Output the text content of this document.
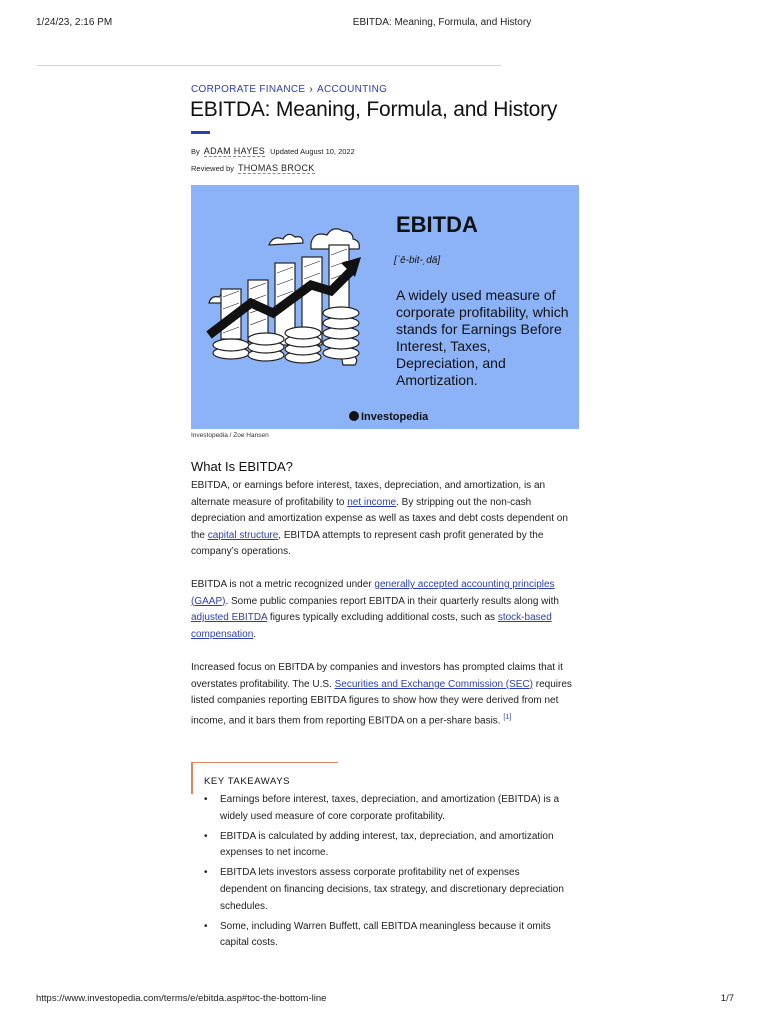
1/24/23, 2:16 PM	EBITDA: Meaning, Formula, and History
CORPORATE FINANCE › ACCOUNTING
EBITDA: Meaning, Formula, and History
By ADAM HAYES Updated August 10, 2022
Reviewed by THOMAS BROCK
EBITDA
[ˈē-bit-ˌdä]
A widely used measure of corporate profitability, which stands for Earnings Before Interest, Taxes, Depreciation, and Amortization.
Investopedia
Investopedia / Zoe Hansen
What Is EBITDA?

EBITDA, or earnings before interest, taxes, depreciation, and amortization, is an alternate measure of profitability to net income. By stripping out the non-cash depreciation and amortization expense as well as taxes and debt costs dependent on the capital structure, EBITDA attempts to represent cash profit generated by the company’s operations.

EBITDA is not a metric recognized under generally accepted accounting principles (GAAP). Some public companies report EBITDA in their quarterly results along with adjusted EBITDA figures typically excluding additional costs, such as stock-based compensation.

Increased focus on EBITDA by companies and investors has prompted claims that it overstates profitability. The U.S. Securities and Exchange Commission (SEC) requires listed companies reporting EBITDA figures to show how they were derived from net income, and it bars them from reporting EBITDA on a per-share basis. [1]

KEY TAKEAWAYS
• Earnings before interest, taxes, depreciation, and amortization (EBITDA) is a widely used measure of core corporate profitability.
• EBITDA is calculated by adding interest, tax, depreciation, and amortization expenses to net income.
• EBITDA lets investors assess corporate profitability net of expenses dependent on financing decisions, tax strategy, and discretionary depreciation schedules.
• Some, including Warren Buffett, call EBITDA meaningless because it omits capital costs.
https://www.investopedia.com/terms/e/ebitda.asp#toc-the-bottom-line	1/7
